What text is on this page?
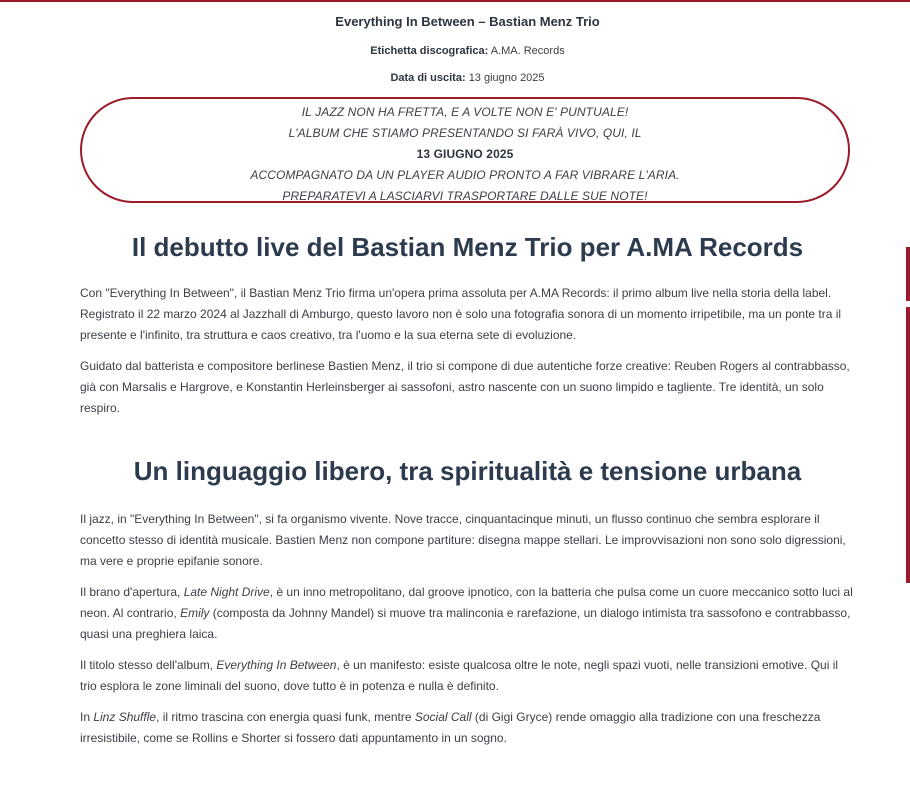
Everything In Between – Bastian Menz Trio
Etichetta discografica: A.MA. Records
Data di uscita: 13 giugno 2025
IL JAZZ NON HA FRETTA, E A VOLTE NON E' PUNTUALE!
L'ALBUM CHE STIAMO PRESENTANDO SI FARÀ VIVO, QUI, IL
13 GIUGNO 2025
ACCOMPAGNATO DA UN PLAYER AUDIO PRONTO A FAR VIBRARE L'ARIA.
PREPARATEVI A LASCIARVI TRASPORTARE DALLE SUE NOTE!
Il debutto live del Bastian Menz Trio per A.MA Records

Con "Everything In Between", il Bastian Menz Trio firma un'opera prima assoluta per A.MA Records: il primo album live nella storia della label. Registrato il 22 marzo 2024 al Jazzhall di Amburgo, questo lavoro non è solo una fotografia sonora di un momento irripetibile, ma un ponte tra il presente e l'infinito, tra struttura e caos creativo, tra l'uomo e la sua eterna sete di evoluzione.

Guidato dal batterista e compositore berlinese Bastien Menz, il trio si compone di due autentiche forze creative: Reuben Rogers al contrabbasso, già con Marsalis e Hargrove, e Konstantin Herleinsberger ai sassofoni, astro nascente con un suono limpido e tagliente. Tre identità, un solo respiro.

Un linguaggio libero, tra spiritualità e tensione urbana

Il jazz, in "Everything In Between", si fa organismo vivente. Nove tracce, cinquantacinque minuti, un flusso continuo che sembra esplorare il concetto stesso di identità musicale. Bastien Menz non compone partiture: disegna mappe stellari. Le improvvisazioni non sono solo digressioni, ma vere e proprie epifanie sonore.

Il brano d'apertura, Late Night Drive, è un inno metropolitano, dal groove ipnotico, con la batteria che pulsa come un cuore meccanico sotto luci al neon. Al contrario, Emily (composta da Johnny Mandel) si muove tra malinconia e rarefazione, un dialogo intimista tra sassofono e contrabbasso, quasi una preghiera laica.

Il titolo stesso dell'album, Everything In Between, è un manifesto: esiste qualcosa oltre le note, negli spazi vuoti, nelle transizioni emotive. Qui il trio esplora le zone liminali del suono, dove tutto è in potenza e nulla è definito.

In Linz Shuffle, il ritmo trascina con energia quasi funk, mentre Social Call (di Gigi Gryce) rende omaggio alla tradizione con una freschezza irresistibile, come se Rollins e Shorter si fossero dati appuntamento in un sogno.
